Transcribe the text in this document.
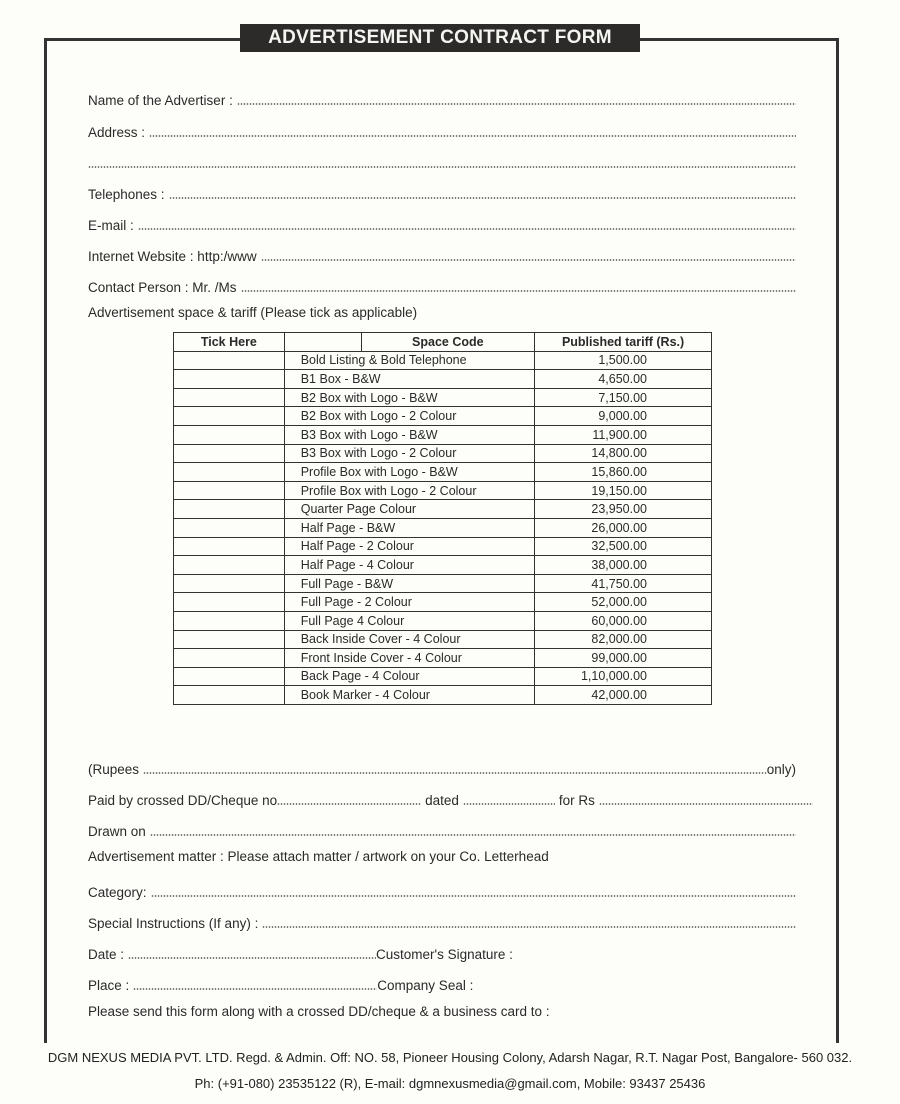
ADVERTISEMENT CONTRACT FORM
Name of the Advertiser :
Address :
Telephones :
E-mail :
Internet Website : http:/www
Contact Person : Mr. /Ms
Advertisement space & tariff (Please tick as applicable)
Tick Here		Space Code	Published tariff (Rs.)
	Bold Listing & Bold Telephone		1,500.00
	B1 Box - B&W		4,650.00
	B2 Box with Logo - B&W		7,150.00
	B2 Box with Logo - 2 Colour		9,000.00
	B3 Box with Logo - B&W		11,900.00
	B3 Box with Logo - 2 Colour		14,800.00
	Profile Box with Logo - B&W		15,860.00
	Profile Box with Logo - 2 Colour		19,150.00
	Quarter Page Colour		23,950.00
	Half Page - B&W		26,000.00
	Half Page - 2 Colour		32,500.00
	Half Page - 4 Colour		38,000.00
	Full Page - B&W		41,750.00
	Full Page - 2 Colour		52,000.00
	Full Page 4 Colour		60,000.00
	Back Inside Cover - 4 Colour		82,000.00
	Front Inside Cover - 4 Colour		99,000.00
	Back Page - 4 Colour		1,10,000.00
	Book Marker - 4 Colour		42,000.00
(Rupees	only)
Paid by crossed DD/Cheque no	dated	for Rs
Drawn on
Advertisement matter : Please attach matter / artwork on your Co. Letterhead
Category:
Special Instructions (If any) :
Date :	Customer's Signature :
Place :	Company Seal :
Please send this form along with a crossed DD/cheque & a business card to :
DGM NEXUS MEDIA PVT. LTD. Regd. & Admin. Off: NO. 58, Pioneer Housing Colony, Adarsh Nagar, R.T. Nagar Post, Bangalore- 560 032.
Ph: (+91-080) 23535122 (R), E-mail: dgmnexusmedia@gmail.com, Mobile: 93437 25436
